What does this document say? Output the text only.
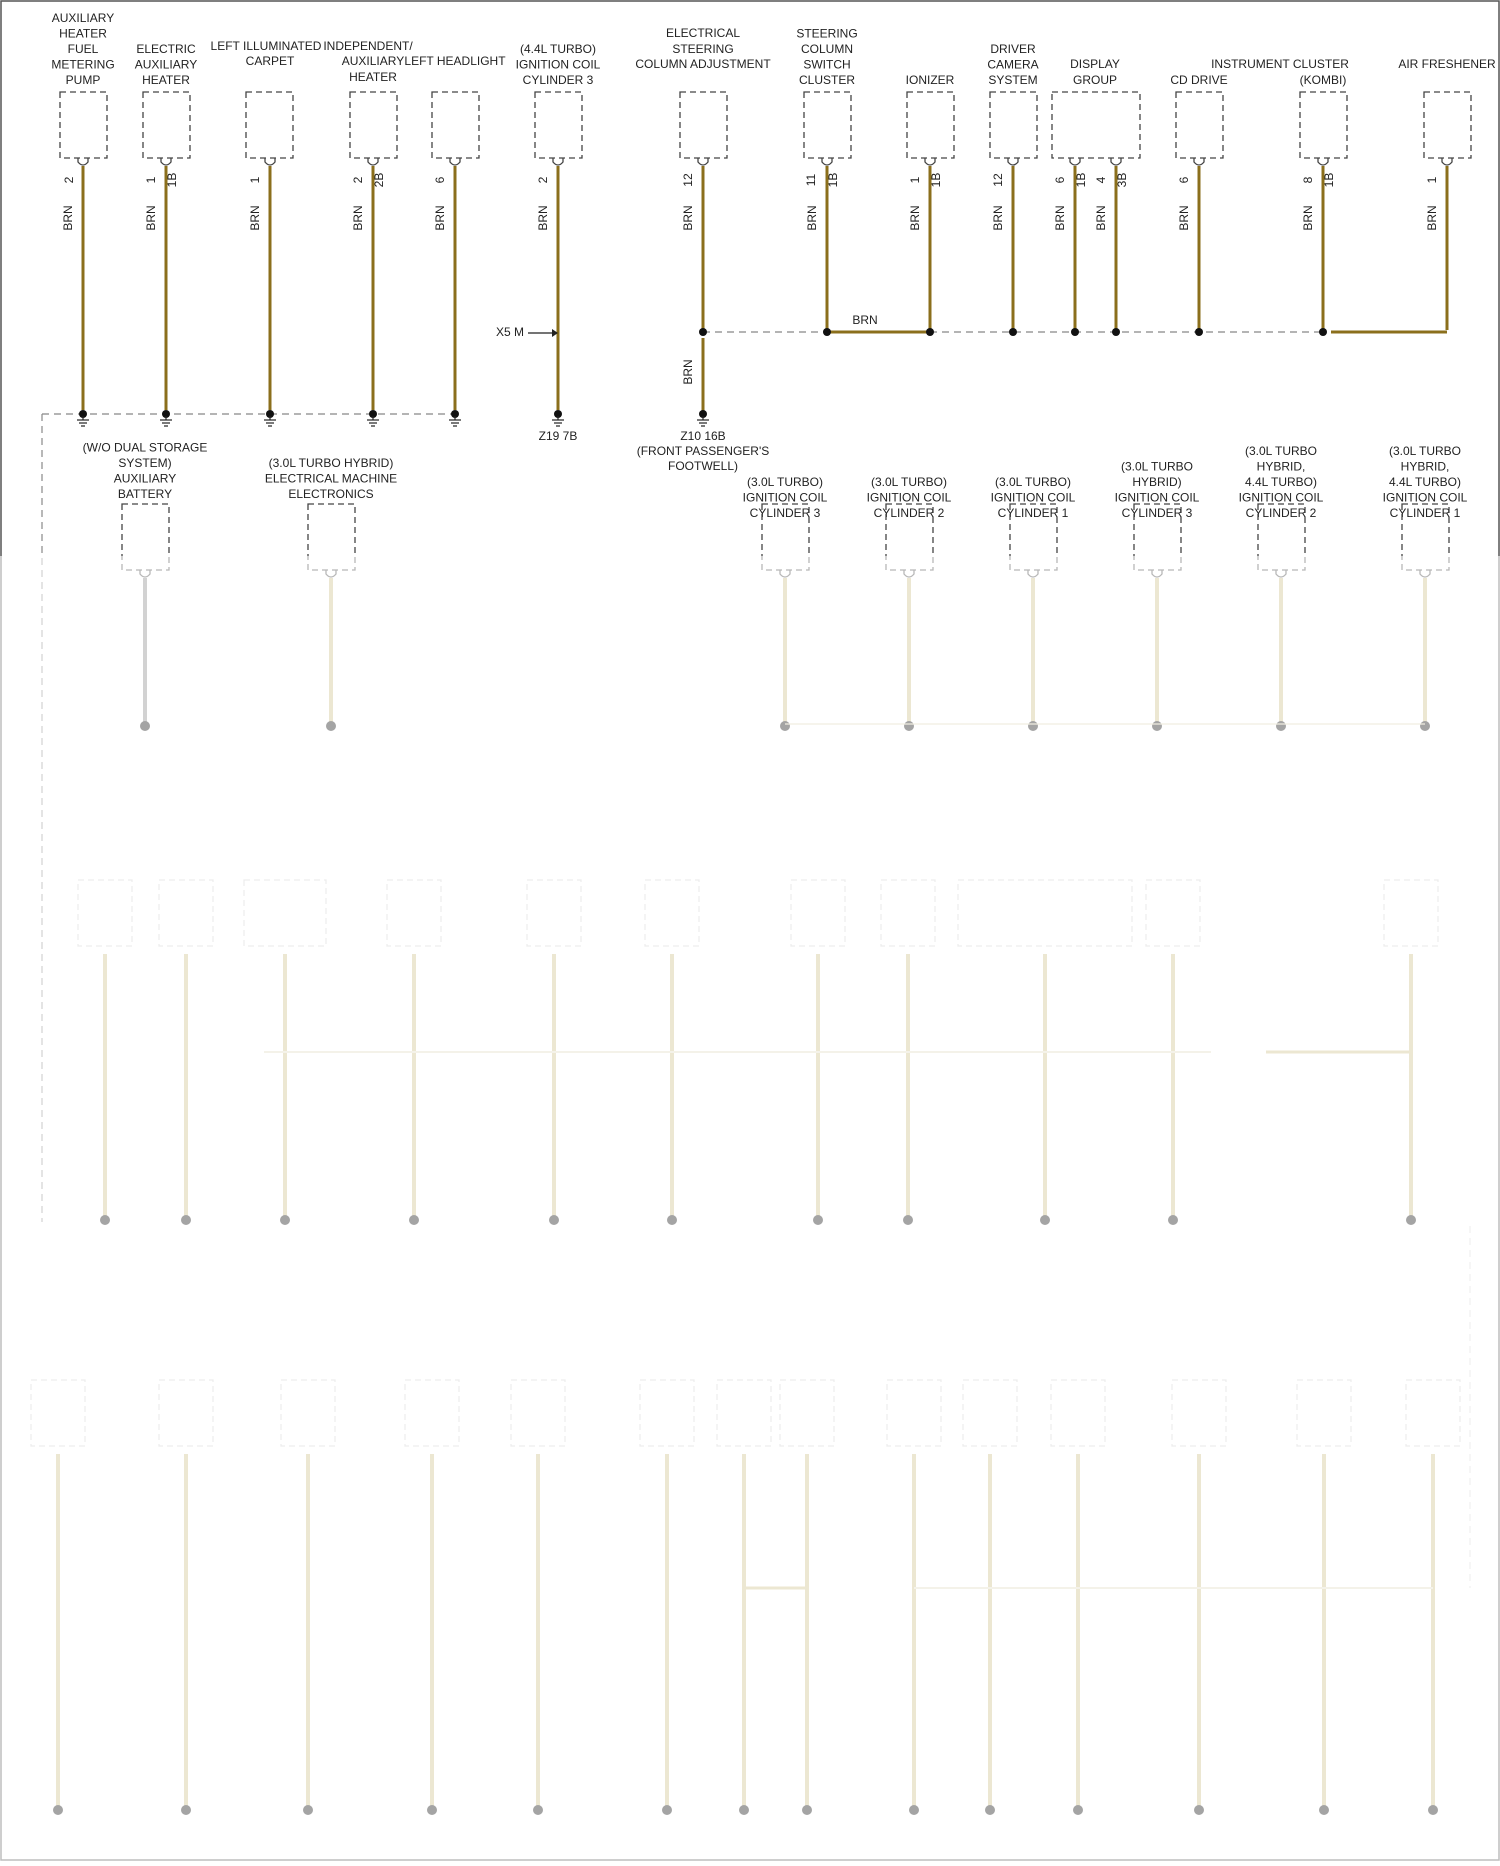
AUXILIARY
HEATER
FUEL
METERING
PUMP
2
BRN
ELECTRIC
AUXILIARY
HEATER
1 1B
BRN
LEFT ILLUMINATED
CARPET
1
BRN
INDEPENDENT/
AUXILIARY
HEATER
2 2B
BRN
LEFT HEADLIGHT
6
BRN
(4.4L TURBO)
IGNITION COIL
CYLINDER 3
2
BRN
ELECTRICAL
STEERING
COLUMN ADJUSTMENT
12
BRN
STEERING
COLUMN
SWITCH
CLUSTER
11 1B
BRN
IONIZER
1 1B
BRN
DRIVER
CAMERA
SYSTEM
12
BRN
DISPLAY
GROUP
6 1B
BRN
4 3B
BRN
CD DRIVE
6
BRN
INSTRUMENT CLUSTER
(KOMBI)
8 1B
BRN
AIR FRESHENER
1
BRN
X5 M
Z19 7B
BRN
BRN
Z10 16B
(FRONT PASSENGER'S
FOOTWELL)
(W/O DUAL STORAGE
SYSTEM)
AUXILIARY
BATTERY
(3.0L TURBO HYBRID)
ELECTRICAL MACHINE
ELECTRONICS
(3.0L TURBO)
IGNITION COIL
CYLINDER 3
(3.0L TURBO)
IGNITION COIL
CYLINDER 2
(3.0L TURBO)
IGNITION COIL
CYLINDER 1
(3.0L TURBO
HYBRID)
IGNITION COIL
CYLINDER 3
(3.0L TURBO
HYBRID,
4.4L TURBO)
IGNITION COIL
CYLINDER 2
(3.0L TURBO
HYBRID,
4.4L TURBO)
IGNITION COIL
CYLINDER 1
